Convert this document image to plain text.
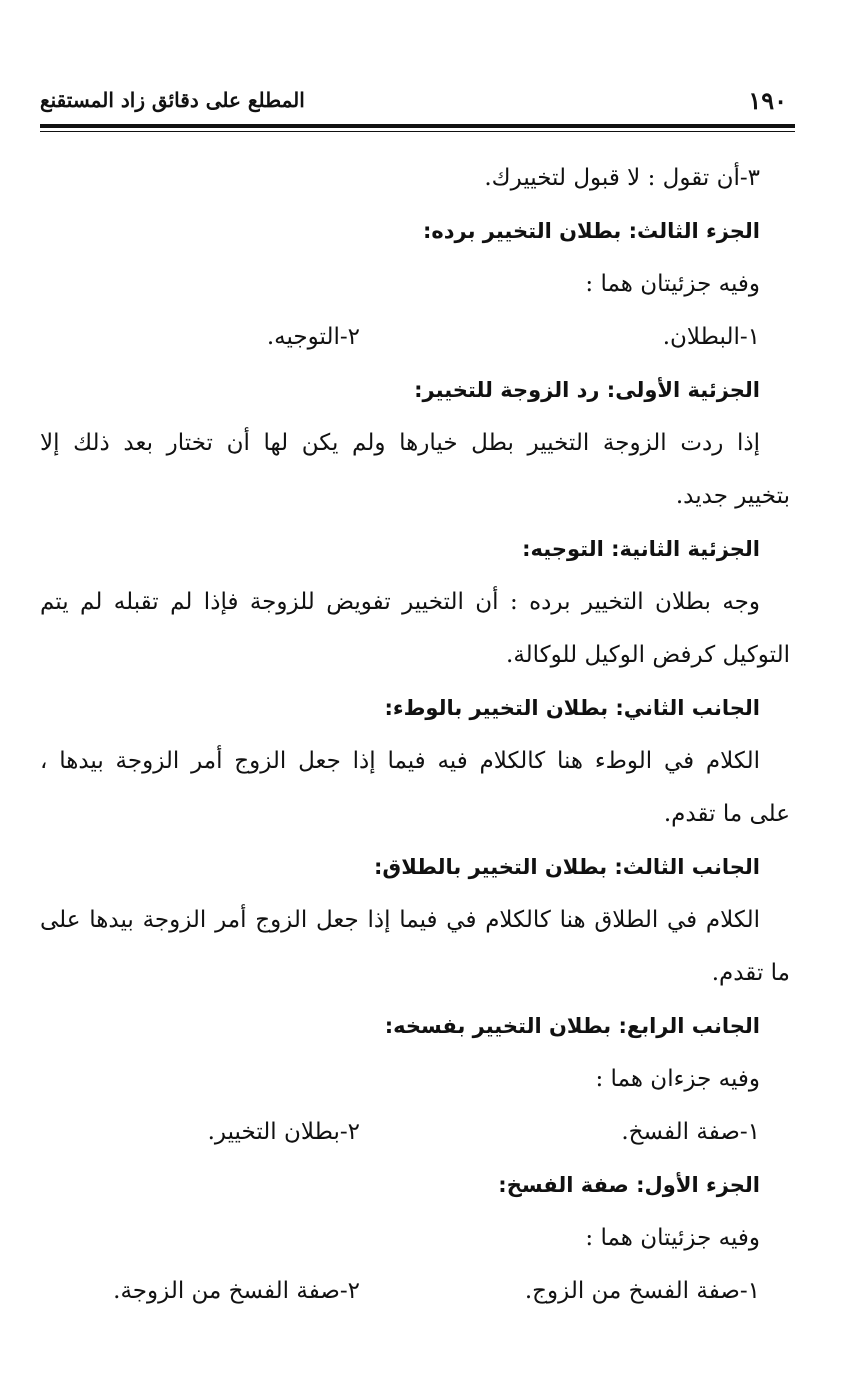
١٩٠
المطلع على دقائق زاد المستقنع
٣-أن تقول : لا قبول لتخييرك.
الجزء الثالث: بطلان التخيير برده:
وفيه جزئيتان هما :
١-البطلان.
٢-التوجيه.
الجزئية الأولى: رد الزوجة للتخيير:
إذا ردت الزوجة التخيير بطل خيارها ولم يكن لها أن تختار بعد ذلك إلا
بتخيير جديد.
الجزئية الثانية: التوجيه:
وجه بطلان التخيير برده : أن التخيير تفويض للزوجة فإذا لم تقبله لم يتم
التوكيل كرفض الوكيل للوكالة.
الجانب الثاني: بطلان التخيير بالوطء:
الكلام في الوطء هنا كالكلام فيه فيما إذا جعل الزوج أمر الزوجة بيدها ،
على ما تقدم.
الجانب الثالث: بطلان التخيير بالطلاق:
الكلام في الطلاق هنا كالكلام في فيما إذا جعل الزوج أمر الزوجة بيدها على
ما تقدم.
الجانب الرابع: بطلان التخيير بفسخه:
وفيه جزءان هما :
١-صفة الفسخ.
٢-بطلان التخيير.
الجزء الأول: صفة الفسخ:
وفيه جزئيتان هما :
١-صفة الفسخ من الزوج.
٢-صفة الفسخ من الزوجة.
